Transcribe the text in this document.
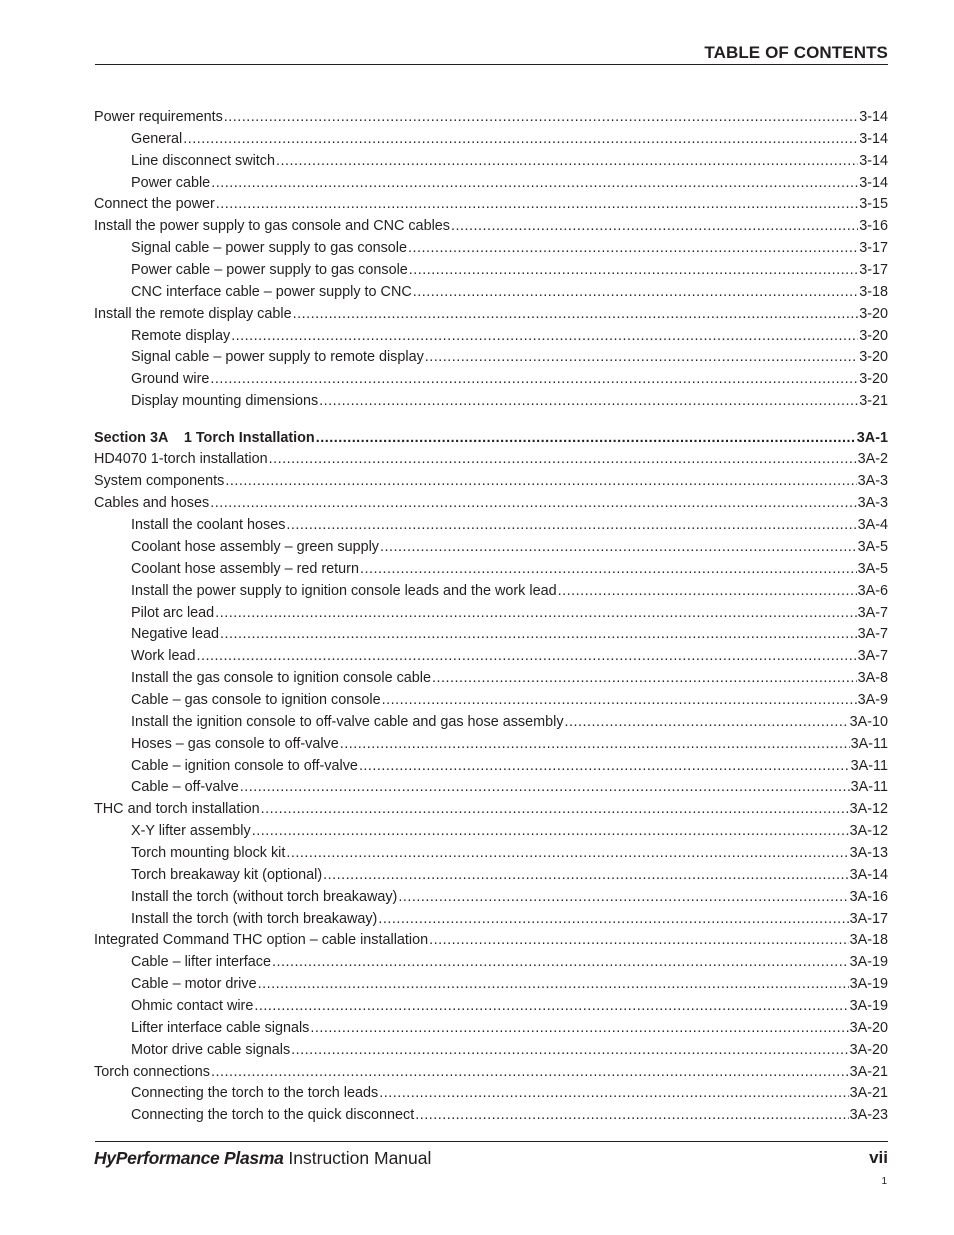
TABLE OF CONTENTS
Power requirements .....	3-14
General .....	3-14
Line disconnect switch .....	3-14
Power cable .....	3-14
Connect the power .....	3-15
Install the power supply to gas console and CNC cables .....	3-16
Signal cable – power supply to gas console .....	3-17
Power cable – power supply to gas console .....	3-17
CNC interface cable – power supply to CNC .....	3-18
Install the remote display cable .....	3-20
Remote display .....	3-20
Signal cable – power supply to remote display .....	3-20
Ground wire .....	3-20
Display mounting dimensions .....	3-21
Section 3A    1 Torch Installation .....	3A-1
HD4070 1-torch installation .....	3A-2
System components .....	3A-3
Cables and hoses .....	3A-3
Install the coolant hoses .....	3A-4
Coolant hose assembly – green supply .....	3A-5
Coolant hose assembly – red return .....	3A-5
Install the power supply to ignition console leads and the work lead .....	3A-6
Pilot arc lead .....	3A-7
Negative lead .....	3A-7
Work lead .....	3A-7
Install the gas console to ignition console cable .....	3A-8
Cable – gas console to ignition console .....	3A-9
Install the ignition console to off-valve cable and gas hose assembly .....	3A-10
Hoses – gas console to off-valve .....	3A-11
Cable – ignition console to off-valve .....	3A-11
Cable – off-valve .....	3A-11
THC and torch installation .....	3A-12
X-Y lifter assembly .....	3A-12
Torch mounting block kit .....	3A-13
Torch breakaway kit (optional) .....	3A-14
Install the torch (without torch breakaway) .....	3A-16
Install the torch (with torch breakaway) .....	3A-17
Integrated Command THC option – cable installation .....	3A-18
Cable – lifter interface .....	3A-19
Cable – motor drive .....	3A-19
Ohmic contact wire .....	3A-19
Lifter interface cable signals .....	3A-20
Motor drive cable signals .....	3A-20
Torch connections .....	3A-21
Connecting the torch to the torch leads .....	3A-21
Connecting the torch to the quick disconnect .....	3A-23
HyPerformance Plasma Instruction Manual	vii
1
